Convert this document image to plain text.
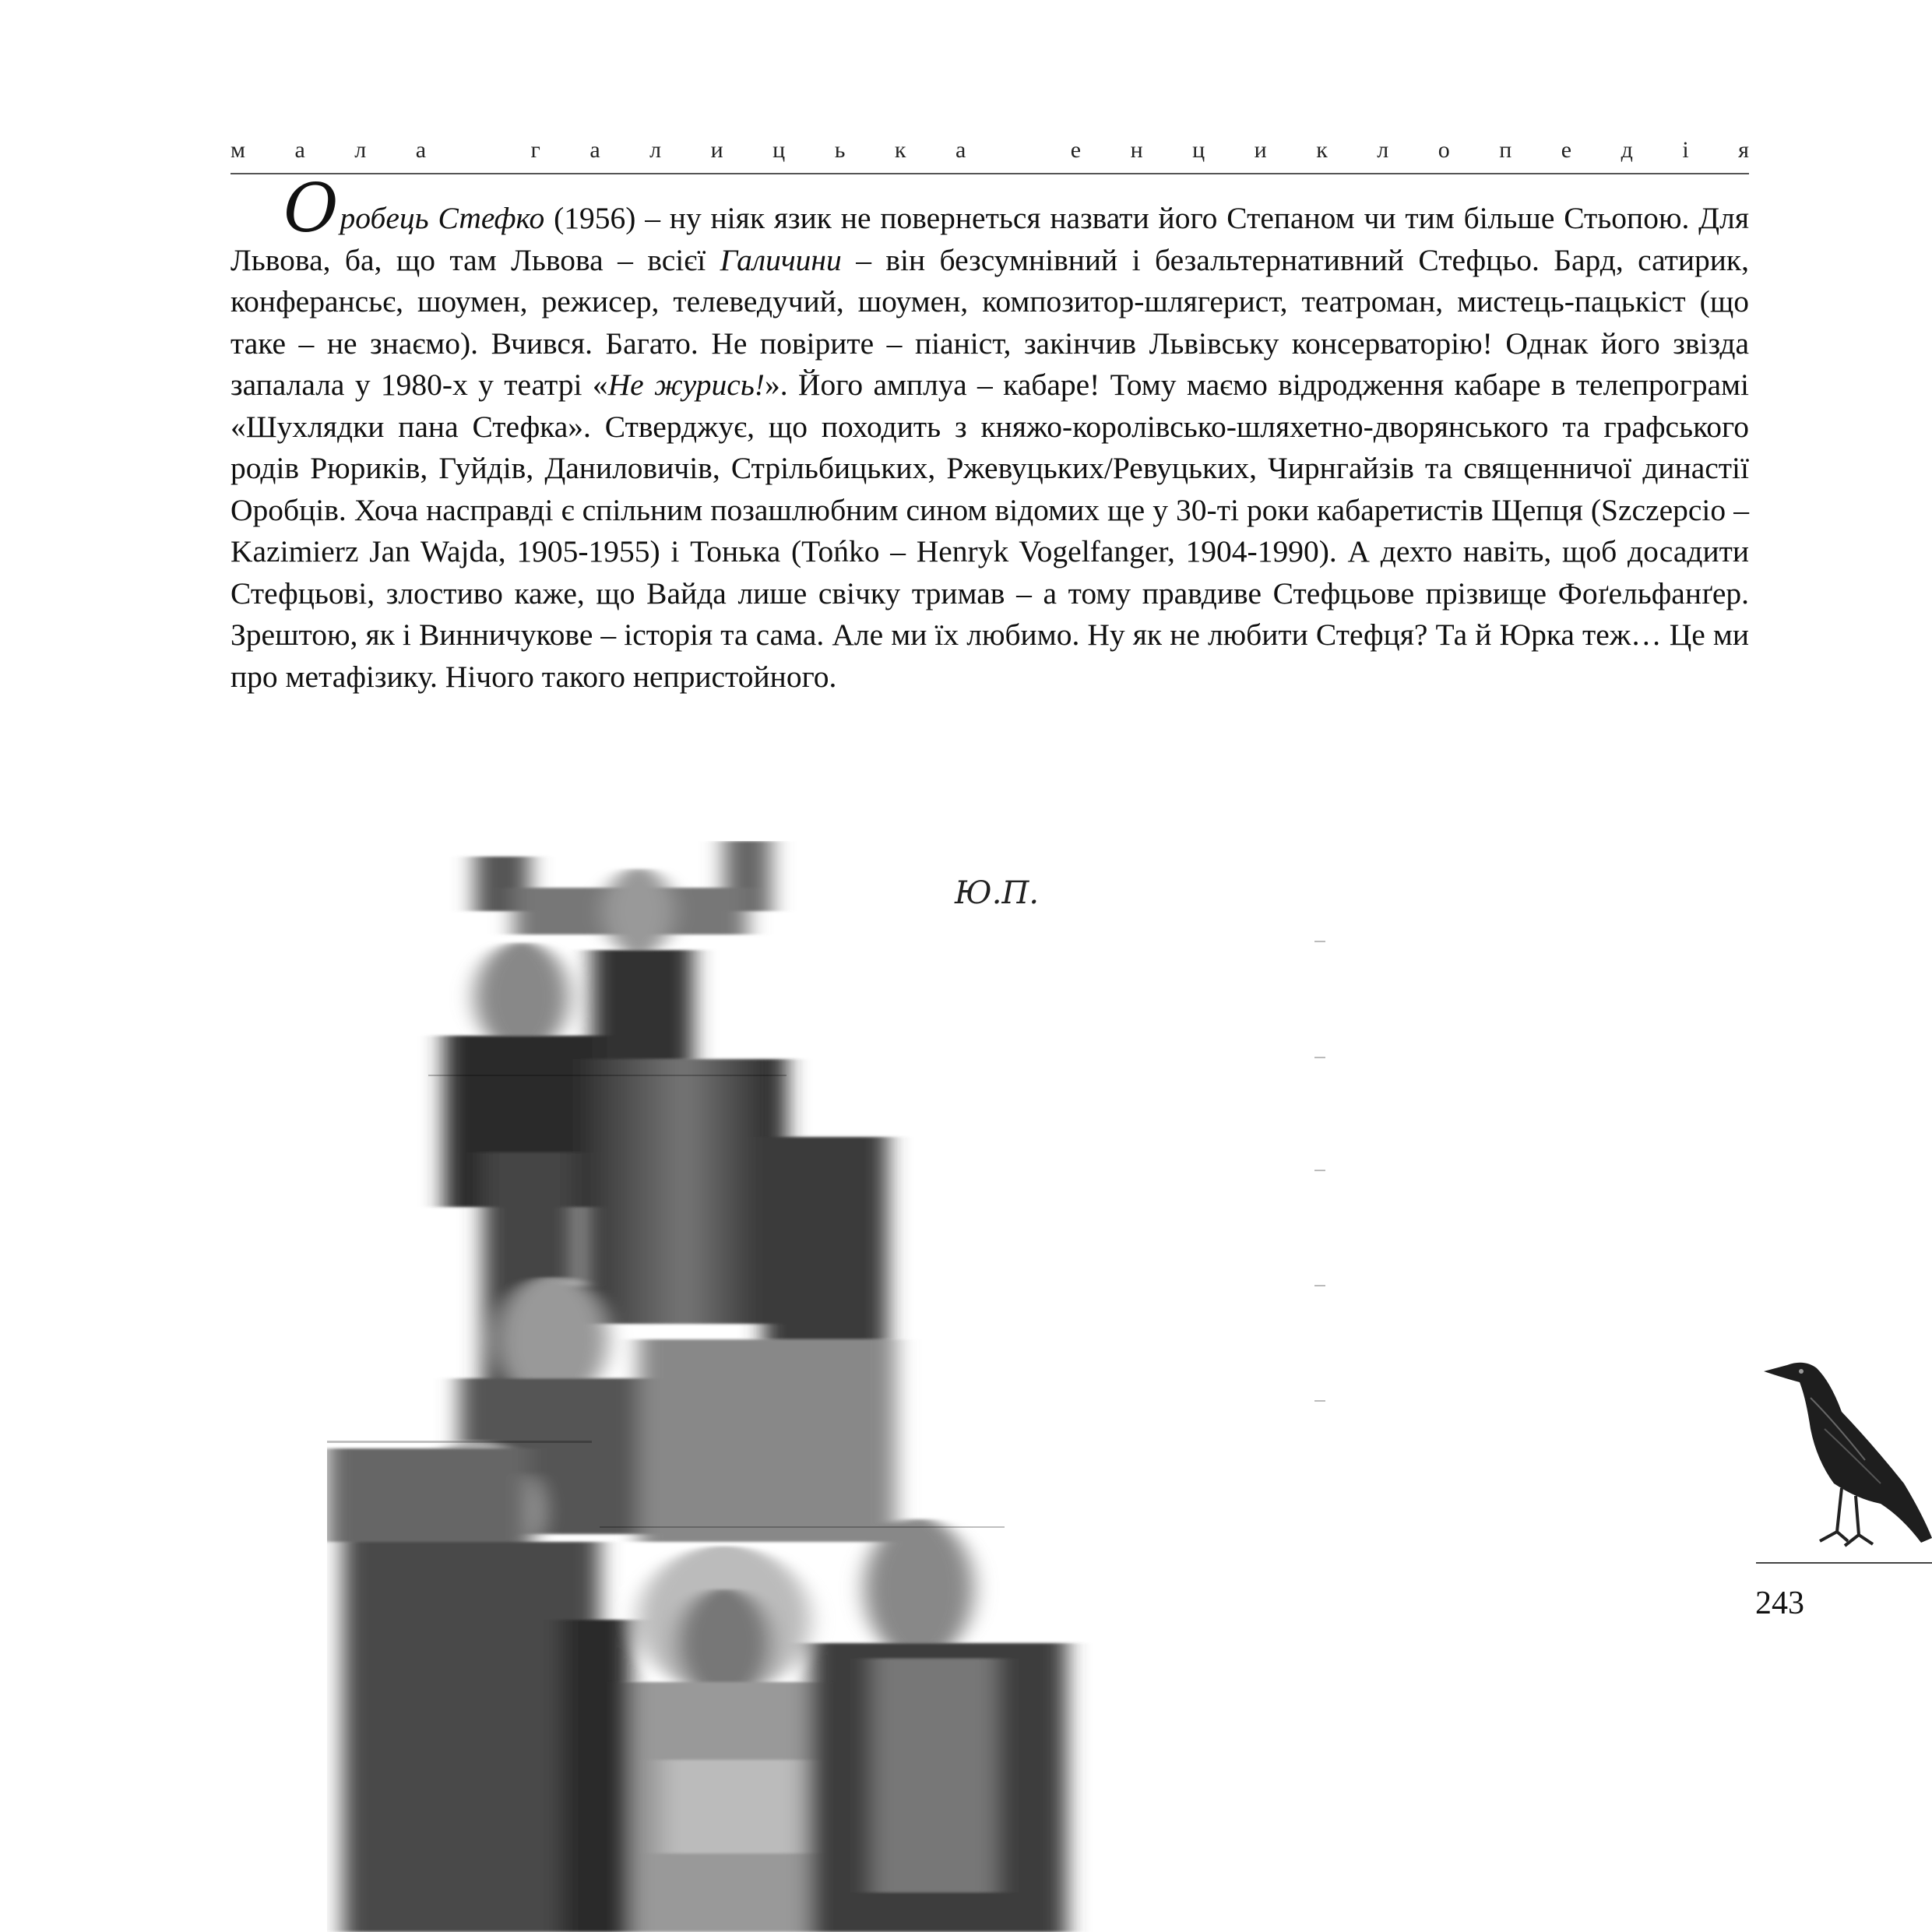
м а л а
	г а л и ц ь к а
	е н ц и к л о п е д і я
Оробець Стефко (1956) – ну ніяк язик не повернеться назвати його Степаном чи тим більше Стьопою. Для Львова, ба, що там Львова – всієї Галичини – він безсумнівний і безальтернативний Стефцьо. Бард, сатирик, конферансьє, шоумен, режисер, телеведучий, шоумен, композитор-шлягерист, театроман, мистець-пацькіст (що таке – не знаємо). Вчився. Багато. Не повірите – піаніст, закінчив Львівську консерваторію! Однак його звізда запалала у 1980-х у театрі «Не журись!». Його амплуа – кабаре! Тому маємо відродження кабаре в телепрограмі «Шухлядки пана Стефка». Стверджує, що походить з княжо-королівсько-шляхетно-дворянського та графського родів Рюриків, Гуйдів, Даниловичів, Стрільбицьких, Ржевуцьких/Ревуцьких, Чирнгайзів та священничої династії Оробців. Хоча насправді є спільним позашлюбним сином відомих ще у 30-ті роки кабаретистів Щепця (Szczepcio – Kazimierz Jan Wajda, 1905-1955) і Тонька (Tońko – Henryk Vogelfanger, 1904-1990). А дехто навіть, щоб досадити Стефцьові, злостиво каже, що Вайда лише свічку тримав – а тому правдиве Стефцьове прізвище Фоґельфанґер. Зрештою, як і Винничукове – історія та сама. Але ми їх любимо. Ну як не любити Стефця? Та й Юрка теж… Це ми про метафізику. Нічого такого непристойного.
Ю.П.
243
